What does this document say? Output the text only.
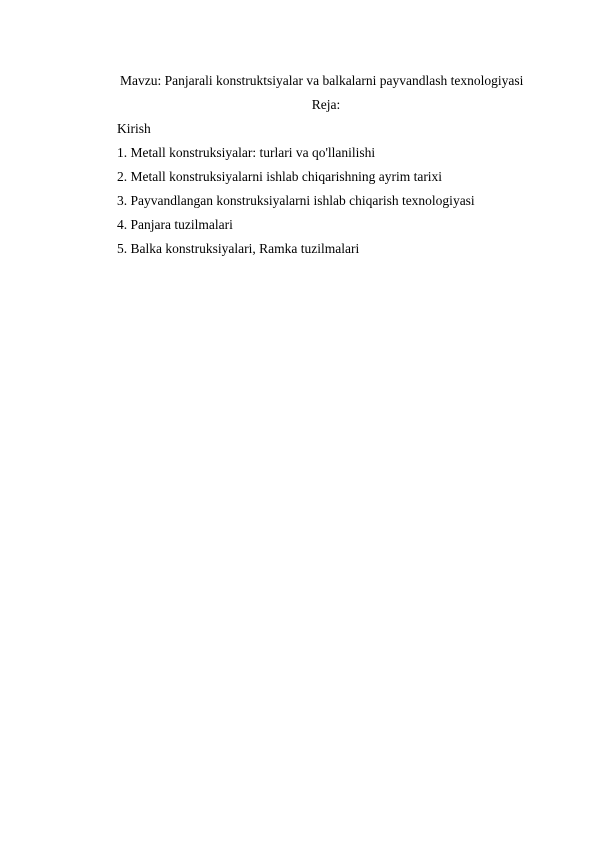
Mavzu: Panjarali konstruktsiyalar va balkalarni payvandlash texnologiyasi
Reja:
Kirish
1. Metall konstruksiyalar: turlari va qo'llanilishi
2. Metall konstruksiyalarni ishlab chiqarishning ayrim tarixi
3. Payvandlangan konstruksiyalarni ishlab chiqarish texnologiyasi
4. Panjara tuzilmalari
5. Balka konstruksiyalari, Ramka tuzilmalari
